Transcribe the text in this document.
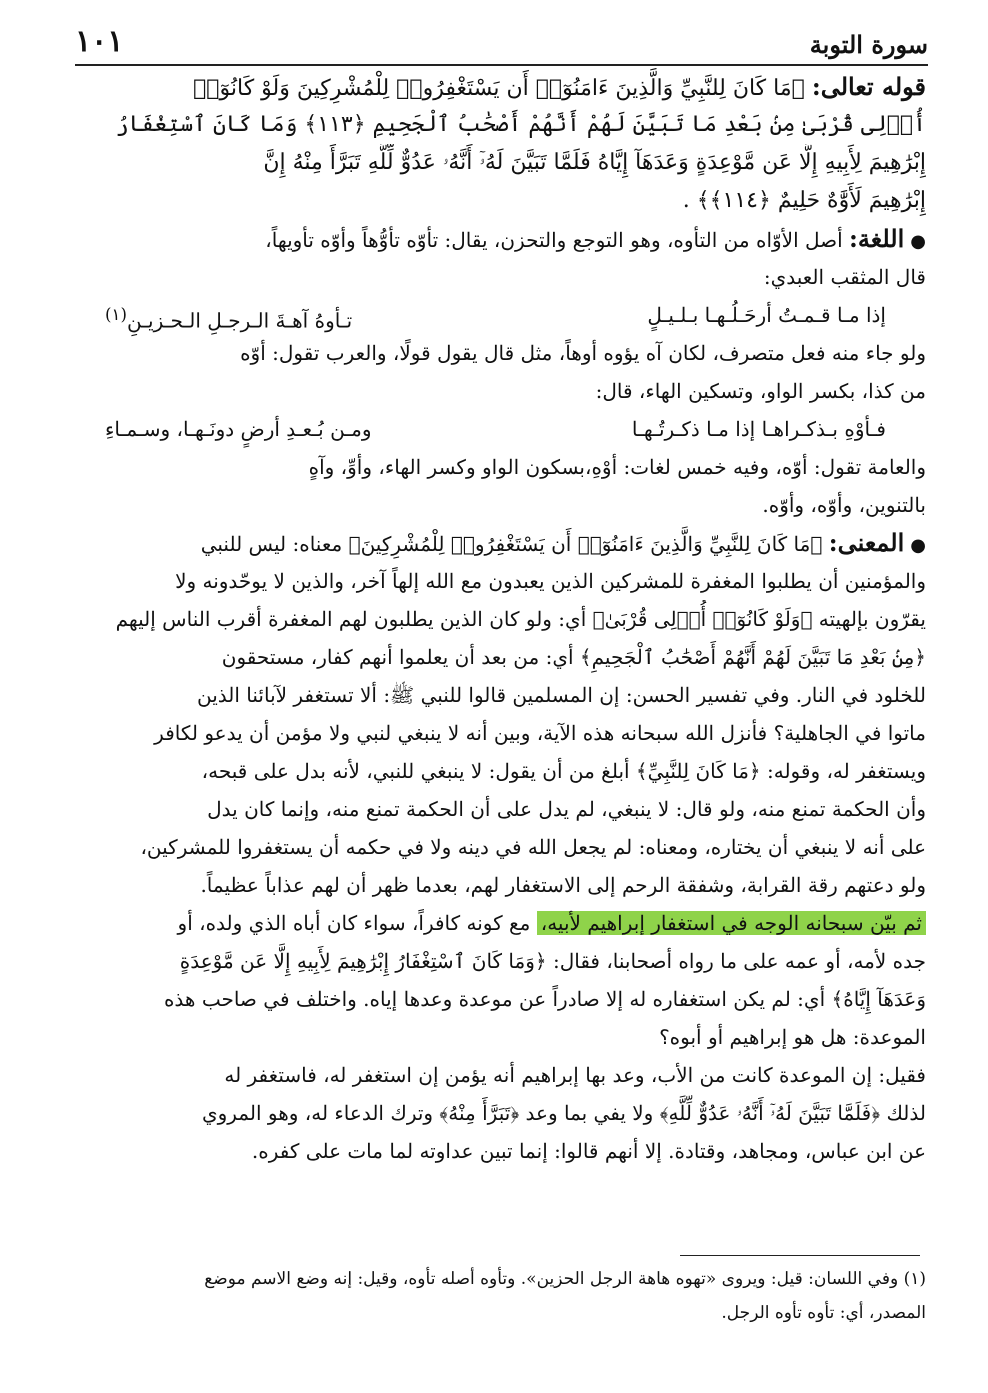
سورة التوبة
١٠١
قوله تعالى: ﴿مَا كَانَ لِلنَّبِيِّ وَالَّذِينَ ءَامَنُوٓا۟ أَن يَسْتَغْفِرُوا۟ لِلْمُشْرِكِينَ وَلَوْ كَانُوٓا۟
أُو۟لِى قُرْبَىٰ مِنۢ بَعْدِ مَا تَبَيَّنَ لَهُمْ أَنَّهُمْ أَصْحَٰبُ ٱلْجَحِيمِ ﴿١١٣﴾ وَمَا كَانَ ٱسْتِغْفَارُ
إِبْرَٰهِيمَ لِأَبِيهِ إِلَّا عَن مَّوْعِدَةٍ وَعَدَهَآ إِيَّاهُ فَلَمَّا تَبَيَّنَ لَهُۥٓ أَنَّهُۥ عَدُوٌّ لِّلَّهِ تَبَرَّأَ مِنْهُ إِنَّ
إِبْرَٰهِيمَ لَأَوَّٰهٌ حَلِيمٌ ﴿١١٤﴾﴾ .
●اللغة: أصل الأوّاه من التأوه، وهو التوجع والتحزن، يقال: تأوّه تأوُّهاً وأوّه تأويهاً،
قال المثقب العبدي:
إذا مـا قـمـتُ أرحَـلُـهـا بـلـيـلٍ
تـأوهُ آهـةَ الـرجـلِ الـحـزيـنِ$^{(١)}$
ولو جاء منه فعل متصرف، لكان آه يؤوه أوهاً، مثل قال يقول قولًا، والعرب تقول: أوّه
من كذا، بكسر الواو، وتسكين الهاء، قال:
فـأوْهِ بـذكـراهـا إذا مـا ذكـرتُـهـا
ومـن بُـعـدِ أرضٍ دونَـهـا، وسـمـاءِ
والعامة تقول: أوّه، وفيه خمس لغات: أوْهِ،بسكون الواو وكسر الهاء، وأوِّ، وآهٍ
بالتنوين، وأوّه، وأوّه.
●المعنى: ﴿مَا كَانَ لِلنَّبِيِّ وَالَّذِينَ ءَامَنُوٓا۟ أَن يَسْتَغْفِرُوا۟ لِلْمُشْرِكِينَ﴾ معناه: ليس للنبي
والمؤمنين أن يطلبوا المغفرة للمشركين الذين يعبدون مع الله إلهاً آخر، والذين لا يوحّدونه ولا
يقرّون بإلهيته ﴿وَلَوْ كَانُوٓا۟ أُو۟لِى قُرْبَىٰ﴾ أي: ولو كان الذين يطلبون لهم المغفرة أقرب الناس إليهم
﴿مِنۢ بَعْدِ مَا تَبَيَّنَ لَهُمْ أَنَّهُمْ أَصْحَٰبُ ٱلْجَحِيمِ﴾ أي: من بعد أن يعلموا أنهم كفار، مستحقون
للخلود في النار. وفي تفسير الحسن: إن المسلمين قالوا للنبي ﷺ: ألا تستغفر لآبائنا الذين
ماتوا في الجاهلية؟ فأنزل الله سبحانه هذه الآية، وبين أنه لا ينبغي لنبي ولا مؤمن أن يدعو لكافر
ويستغفر له، وقوله: ﴿مَا كَانَ لِلنَّبِيِّ﴾ أبلغ من أن يقول: لا ينبغي للنبي، لأنه بدل على قبحه،
وأن الحكمة تمنع منه، ولو قال: لا ينبغي، لم يدل على أن الحكمة تمنع منه، وإنما كان يدل
على أنه لا ينبغي أن يختاره، ومعناه: لم يجعل الله في دينه ولا في حكمه أن يستغفروا للمشركين،
ولو دعتهم رقة القرابة، وشفقة الرحم إلى الاستغفار لهم، بعدما ظهر أن لهم عذاباً عظيماً.
ثم بيّن سبحانه الوجه في استغفار إبراهيم لأبيه، مع كونه كافراً، سواء كان أباه الذي ولده، أو
جده لأمه، أو عمه على ما رواه أصحابنا، فقال: ﴿وَمَا كَانَ ٱسْتِغْفَارُ إِبْرَٰهِيمَ لِأَبِيهِ إِلَّا عَن مَّوْعِدَةٍ
وَعَدَهَآ إِيَّاهُ﴾ أي: لم يكن استغفاره له إلا صادراً عن موعدة وعدها إياه. واختلف في صاحب هذه
الموعدة: هل هو إبراهيم أو أبوه؟
فقيل: إن الموعدة كانت من الأب، وعد بها إبراهيم أنه يؤمن إن استغفر له، فاستغفر له
لذلك ﴿فَلَمَّا تَبَيَّنَ لَهُۥٓ أَنَّهُۥ عَدُوٌّ لِّلَّهِ﴾ ولا يفي بما وعد ﴿تَبَرَّأَ مِنْهُ﴾ وترك الدعاء له، وهو المروي
عن ابن عباس، ومجاهد، وقتادة. إلا أنهم قالوا: إنما تبين عداوته لما مات على كفره.
(١) وفي اللسان: قيل: ويروى «تهوه هاهة الرجل الحزين». وتأوه أصله تأوه، وقيل: إنه وضع الاسم موضع
المصدر، أي: تأوه تأوه الرجل.
